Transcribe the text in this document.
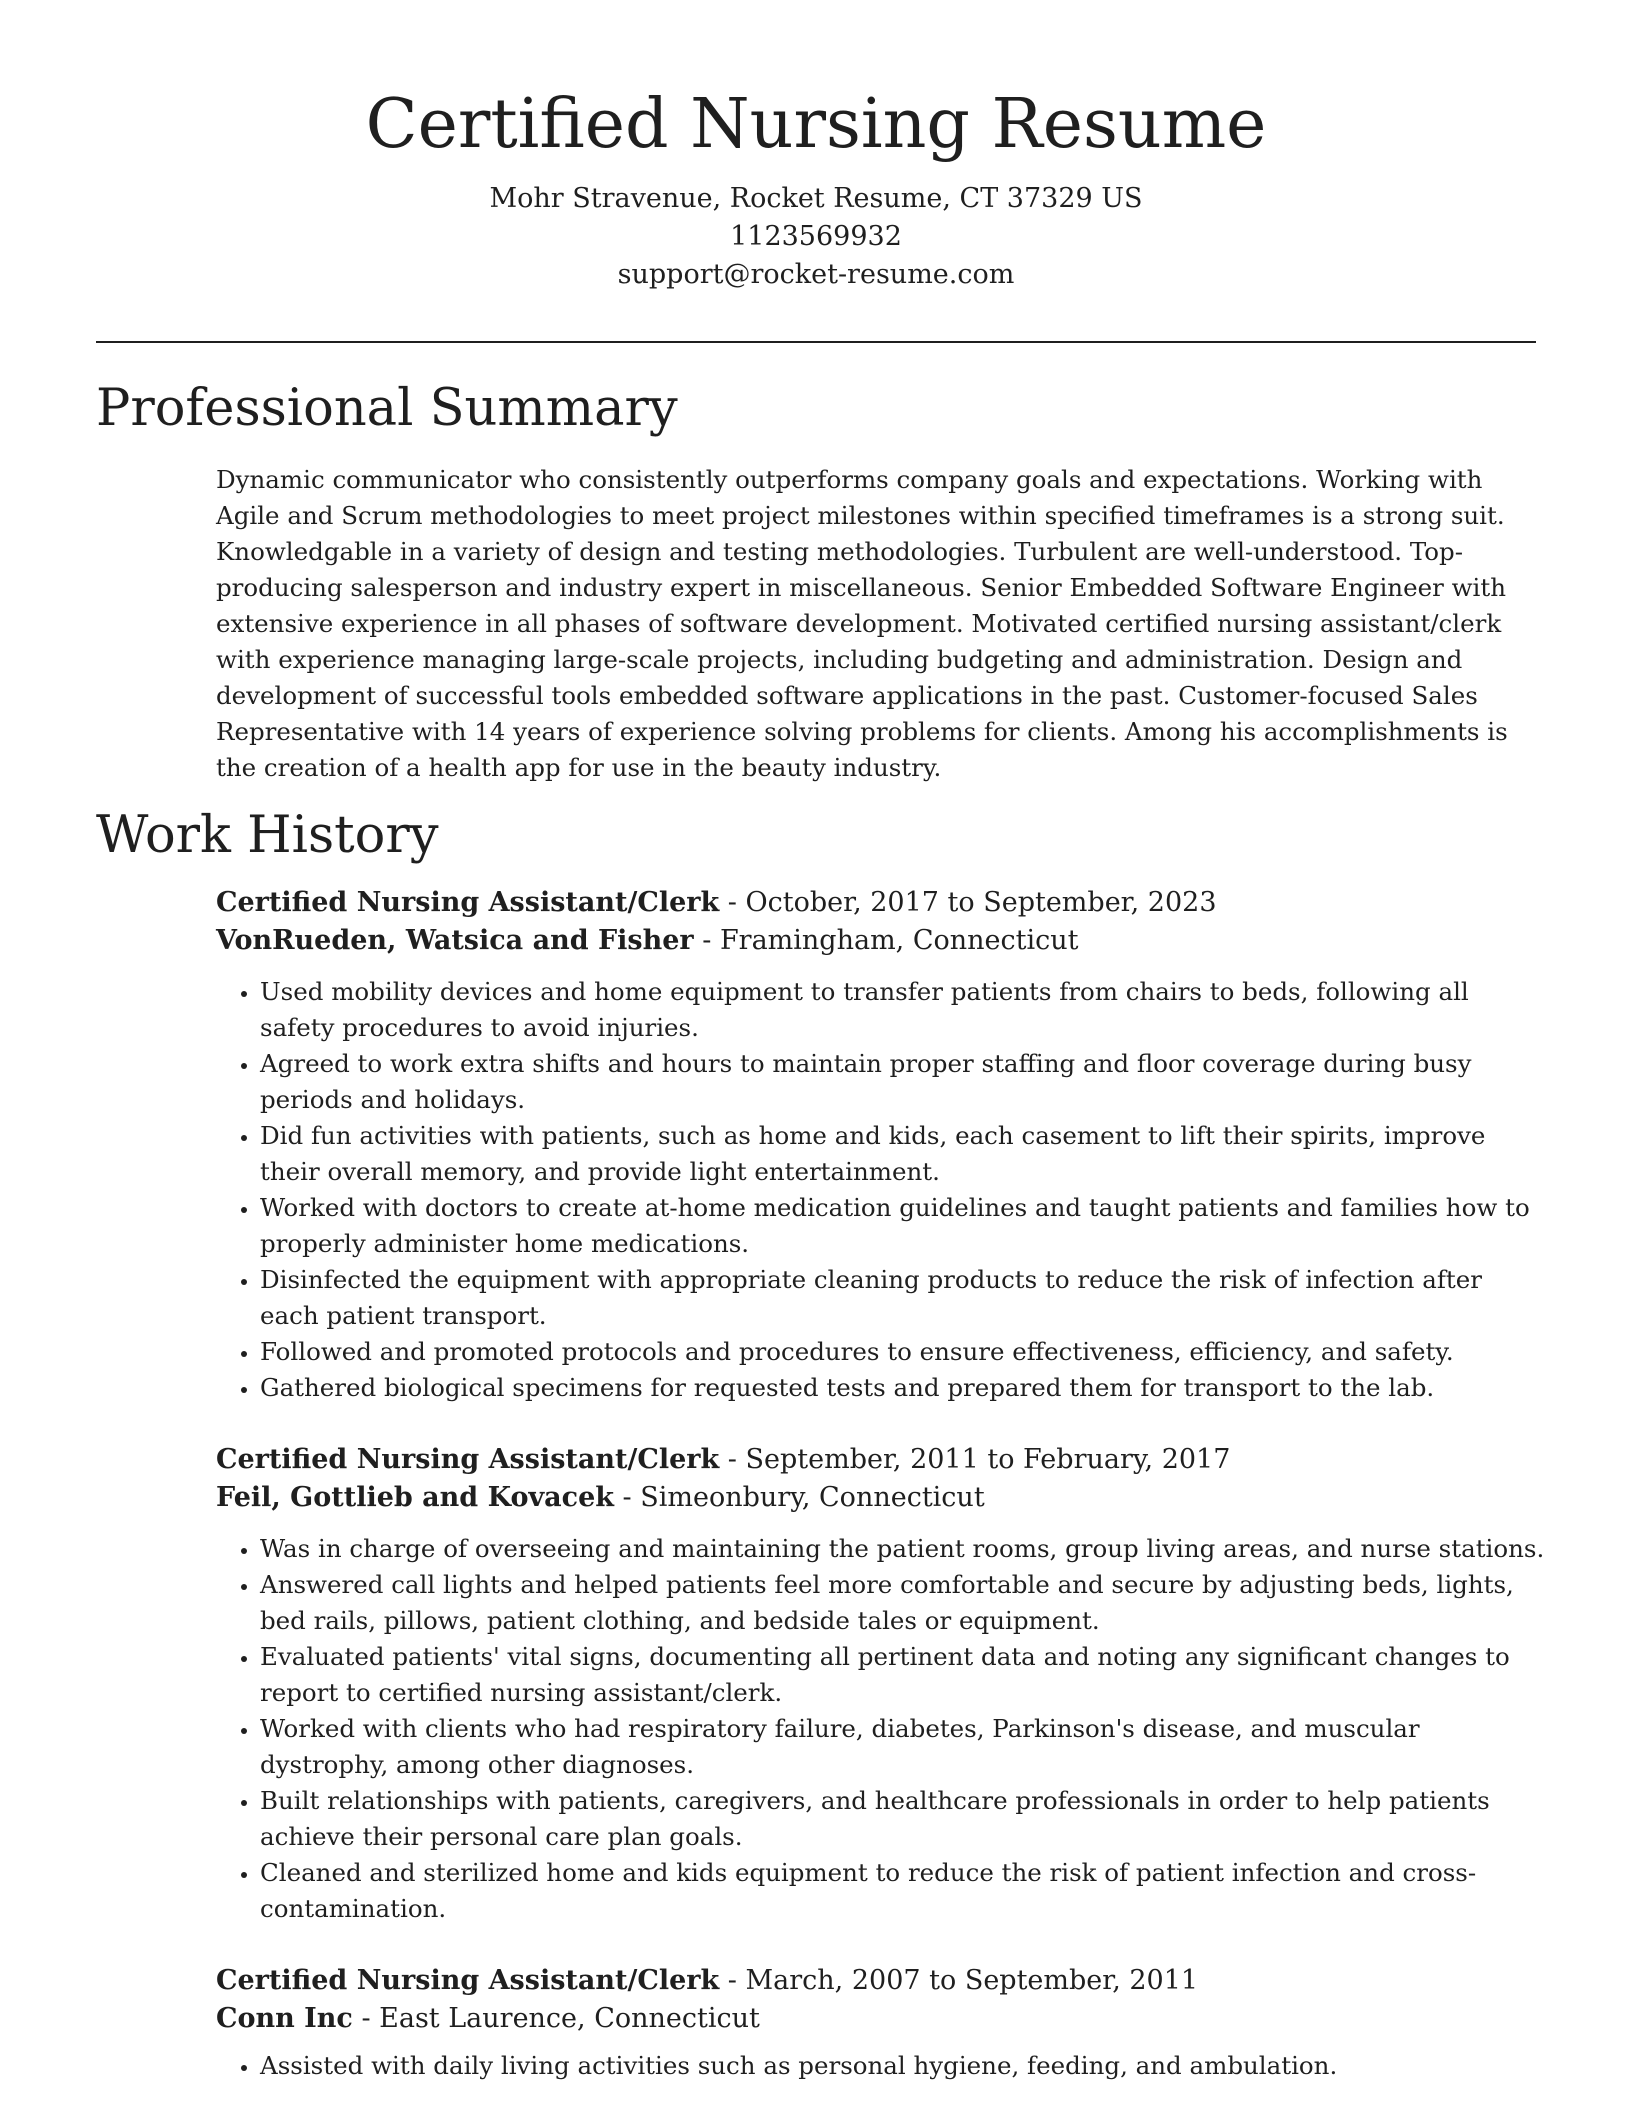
Certified Nursing Resume
Mohr Stravenue, Rocket Resume, CT 37329 US
1123569932
support@rocket-resume.com
Professional Summary

Dynamic communicator who consistently outperforms company goals and expectations. Working with Agile and Scrum methodologies to meet project milestones within specified timeframes is a strong suit. Knowledgable in a variety of design and testing methodologies. Turbulent are well-understood. Top-producing salesperson and industry expert in miscellaneous. Senior Embedded Software Engineer with extensive experience in all phases of software development. Motivated certified nursing assistant/clerk with experience managing large-scale projects, including budgeting and administration. Design and development of successful tools embedded software applications in the past. Customer-focused Sales Representative with 14 years of experience solving problems for clients. Among his accomplishments is the creation of a health app for use in the beauty industry.

Work History
Certified Nursing Assistant/Clerk - October, 2017 to September, 2023
VonRueden, Watsica and Fisher - Framingham, Connecticut
• Used mobility devices and home equipment to transfer patients from chairs to beds, following all safety procedures to avoid injuries.
• Agreed to work extra shifts and hours to maintain proper staffing and floor coverage during busy periods and holidays.
• Did fun activities with patients, such as home and kids, each casement to lift their spirits, improve their overall memory, and provide light entertainment.
• Worked with doctors to create at-home medication guidelines and taught patients and families how to properly administer home medications.
• Disinfected the equipment with appropriate cleaning products to reduce the risk of infection after each patient transport.
• Followed and promoted protocols and procedures to ensure effectiveness, efficiency, and safety.
• Gathered biological specimens for requested tests and prepared them for transport to the lab.
Certified Nursing Assistant/Clerk - September, 2011 to February, 2017
Feil, Gottlieb and Kovacek - Simeonbury, Connecticut
• Was in charge of overseeing and maintaining the patient rooms, group living areas, and nurse stations.
• Answered call lights and helped patients feel more comfortable and secure by adjusting beds, lights, bed rails, pillows, patient clothing, and bedside tales or equipment.
• Evaluated patients' vital signs, documenting all pertinent data and noting any significant changes to report to certified nursing assistant/clerk.
• Worked with clients who had respiratory failure, diabetes, Parkinson's disease, and muscular dystrophy, among other diagnoses.
• Built relationships with patients, caregivers, and healthcare professionals in order to help patients achieve their personal care plan goals.
• Cleaned and sterilized home and kids equipment to reduce the risk of patient infection and cross-contamination.
Certified Nursing Assistant/Clerk - March, 2007 to September, 2011
Conn Inc - East Laurence, Connecticut
• Assisted with daily living activities such as personal hygiene, feeding, and ambulation.
